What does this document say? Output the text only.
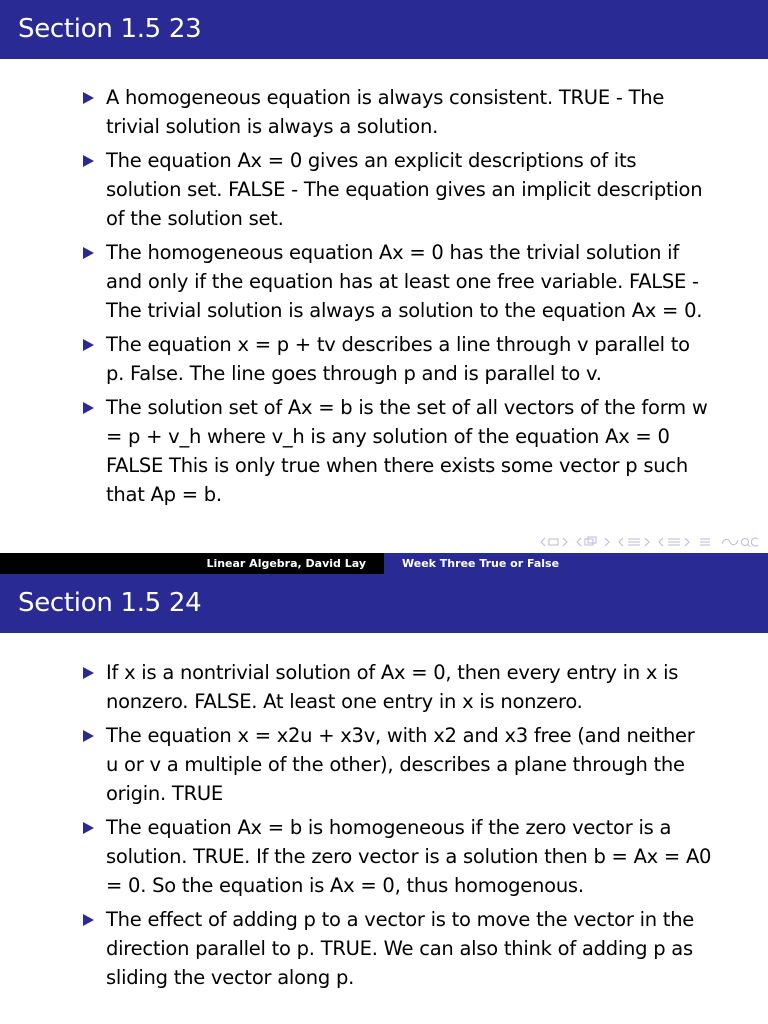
Section 1.5 23
A homogeneous equation is always consistent. TRUE - The trivial solution is always a solution.
The equation Ax = 0 gives an explicit descriptions of its solution set. FALSE - The equation gives an implicit description of the solution set.
The homogeneous equation Ax = 0 has the trivial solution if and only if the equation has at least one free variable. FALSE - The trivial solution is always a solution to the equation Ax = 0.
The equation x = p + tv describes a line through v parallel to p. False. The line goes through p and is parallel to v.
The solution set of Ax = b is the set of all vectors of the form w = p + v_h where v_h is any solution of the equation Ax = 0 FALSE This is only true when there exists some vector p such that Ap = b.
Linear Algebra, David Lay	Week Three True or False
Section 1.5 24
If x is a nontrivial solution of Ax = 0, then every entry in x is nonzero. FALSE. At least one entry in x is nonzero.
The equation x = x2u + x3v, with x2 and x3 free (and neither u or v a multiple of the other), describes a plane through the origin. TRUE
The equation Ax = b is homogeneous if the zero vector is a solution. TRUE. If the zero vector is a solution then b = Ax = A0 = 0. So the equation is Ax = 0, thus homogenous.
The effect of adding p to a vector is to move the vector in the direction parallel to p. TRUE. We can also think of adding p as sliding the vector along p.
